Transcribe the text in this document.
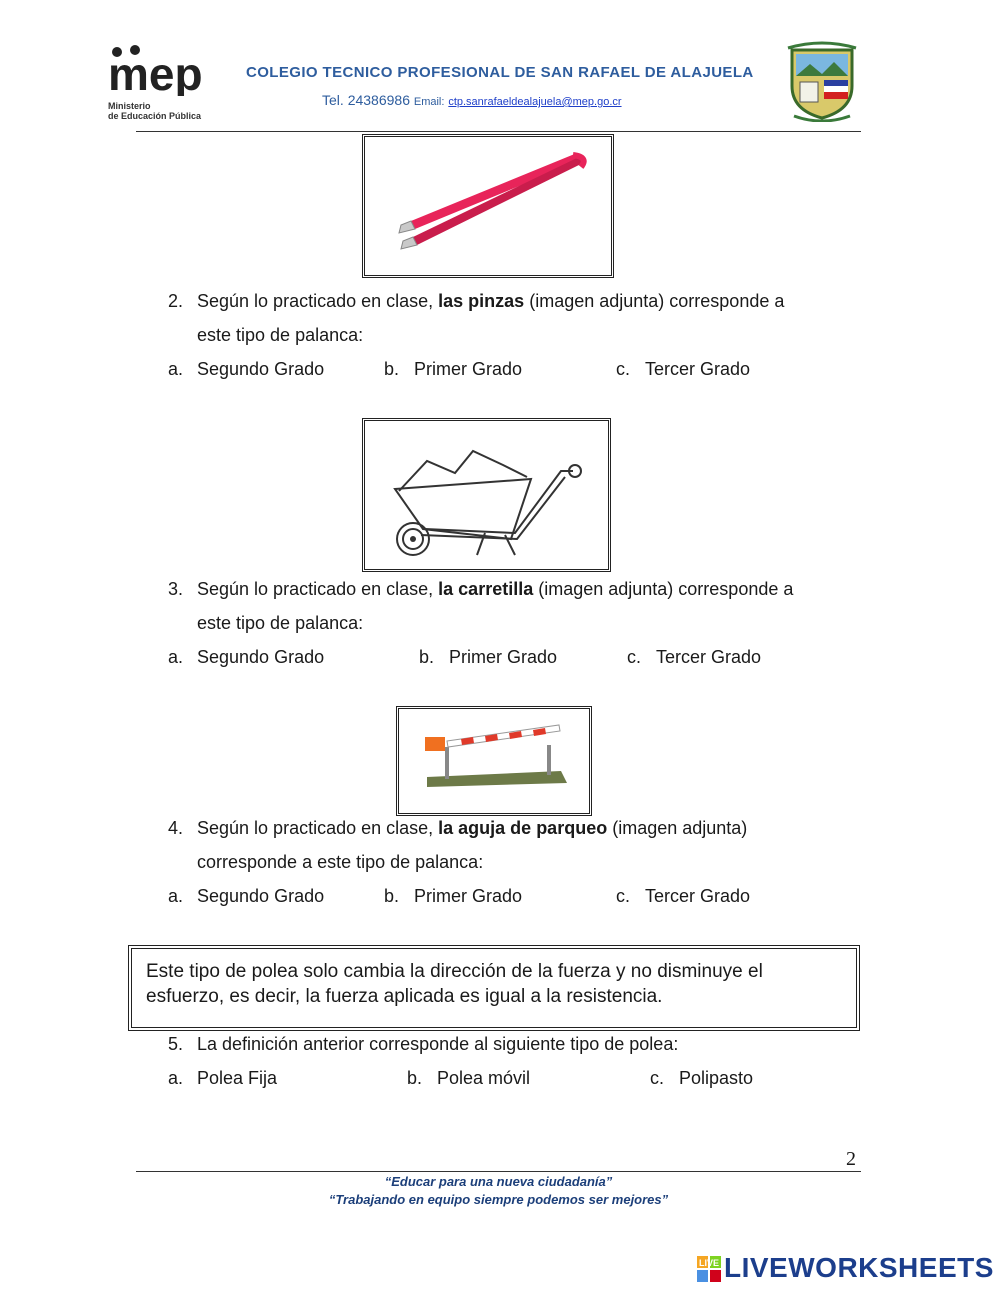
mep
Ministerio
de Educación Pública
COLEGIO TECNICO PROFESIONAL DE SAN RAFAEL DE ALAJUELA
Tel. 24386986 Email: ctp.sanrafaeldealajuela@mep.go.cr
2. Según lo practicado en clase, las pinzas (imagen adjunta) corresponde a
este tipo de palanca:
a. Segundo Grado	b. Primer Grado	c. Tercer Grado
3. Según lo practicado en clase, la carretilla (imagen adjunta) corresponde a
este tipo de palanca:
a. Segundo Grado	b. Primer Grado	c. Tercer Grado
4. Según lo practicado en clase, la aguja de parqueo (imagen adjunta)
corresponde a este tipo de palanca:
a. Segundo Grado	b. Primer Grado	c. Tercer Grado
Este tipo de polea solo cambia la dirección de la fuerza y no disminuye el esfuerzo, es decir, la fuerza aplicada es igual a la resistencia.
5. La definición anterior corresponde al siguiente tipo de polea:
a. Polea Fija	b. Polea móvil	c. Polipasto
2
“Educar para una nueva ciudadanía”
“Trabajando en equipo siempre podemos ser mejores”
LIVE LIVEWORKSHEETS
